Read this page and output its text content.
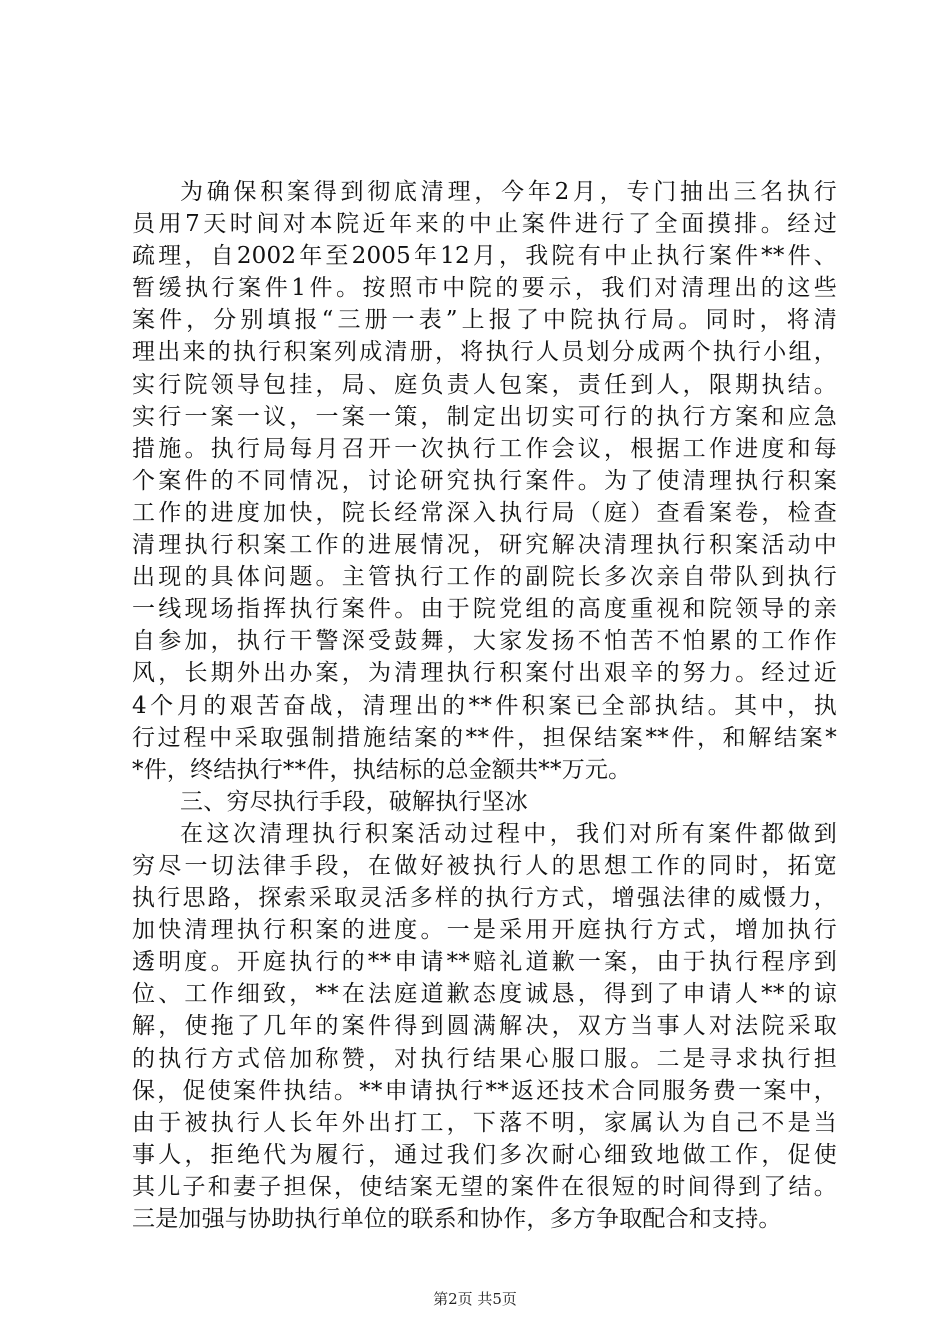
为确保积案得到彻底清理，今年2月，专门抽出三名执行
员用7天时间对本院近年来的中止案件进行了全面摸排。经过
疏理，自2002年至2005年12月，我院有中止执行案件**件、
暂缓执行案件1件。按照市中院的要示，我们对清理出的这些
案件，分别填报“三册一表”上报了中院执行局。同时，将清
理出来的执行积案列成清册，将执行人员划分成两个执行小组，
实行院领导包挂，局、庭负责人包案，责任到人，限期执结。
实行一案一议，一案一策，制定出切实可行的执行方案和应急
措施。执行局每月召开一次执行工作会议，根据工作进度和每
个案件的不同情况，讨论研究执行案件。为了使清理执行积案
工作的进度加快，院长经常深入执行局（庭）查看案卷，检查
清理执行积案工作的进展情况，研究解决清理执行积案活动中
出现的具体问题。主管执行工作的副院长多次亲自带队到执行
一线现场指挥执行案件。由于院党组的高度重视和院领导的亲
自参加，执行干警深受鼓舞，大家发扬不怕苦不怕累的工作作
风，长期外出办案，为清理执行积案付出艰辛的努力。经过近
4个月的艰苦奋战，清理出的**件积案已全部执结。其中，执
行过程中采取强制措施结案的**件，担保结案**件，和解结案*
*件，终结执行**件，执结标的总金额共**万元。
三、穷尽执行手段，破解执行坚冰
在这次清理执行积案活动过程中，我们对所有案件都做到
穷尽一切法律手段，在做好被执行人的思想工作的同时，拓宽
执行思路，探索采取灵活多样的执行方式，增强法律的威慑力，
加快清理执行积案的进度。一是采用开庭执行方式，增加执行
透明度。开庭执行的**申请**赔礼道歉一案，由于执行程序到
位、工作细致，**在法庭道歉态度诚恳，得到了申请人**的谅
解，使拖了几年的案件得到圆满解决，双方当事人对法院采取
的执行方式倍加称赞，对执行结果心服口服。二是寻求执行担
保，促使案件执结。**申请执行**返还技术合同服务费一案中，
由于被执行人长年外出打工，下落不明，家属认为自己不是当
事人，拒绝代为履行，通过我们多次耐心细致地做工作，促使
其儿子和妻子担保，使结案无望的案件在很短的时间得到了结。
三是加强与协助执行单位的联系和协作，多方争取配合和支持。
第2页 共5页
